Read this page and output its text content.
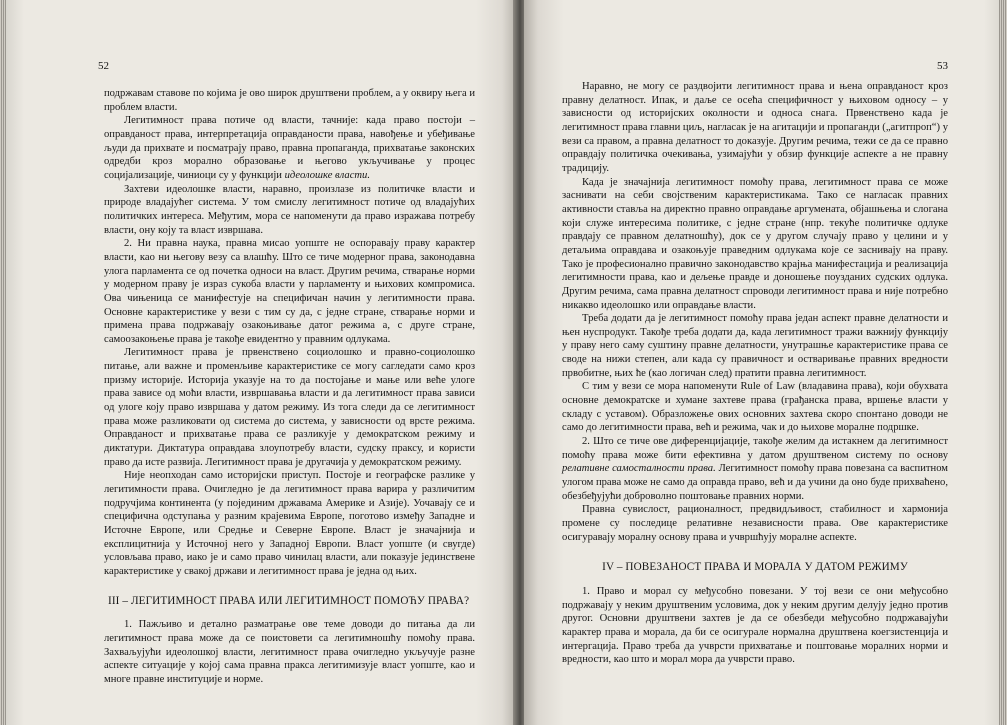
52

подржавам ставове по којима је ово широк друштвени проблем, а у оквиру њега и проблем власти.

Легитимност права потиче од власти, тачније: када право постоји – оправданост права, интерпретација оправданости права, навођење и убеђивање људи да прихвате и посматрају право, правна пропаганда, прихватање законских одредби кроз морално образовање и његово укључивање у процес социјализације, чиниоци су у функцији идеолошке власти.

Захтеви идеолошке власти, наравно, произлазе из политичке власти и природе владајућег система. У том смислу легитимност потиче од владајућих политичких интереса. Међутим, мора се напоменути да право изражава потребу власти, ону коју та власт извршава.

2. Ни правна наука, правна мисао уопште не оспоравају праву карактер власти, као ни његову везу са влашћу. Што се тиче модерног права, законодавна улога парламента се од почетка односи на власт. Другим речима, стварање норми у модерном праву је израз сукоба власти у парламенту и њихових компромиса. Ова чињеница се манифестује на специфичан начин у легитимности права. Основне карактеристике у вези с тим су да, с једне стране, стварање норми и примена права подржавају озакоњивање датог режима а, с друге стране, самоозакоњење права је такође евидентно у правним одлукама.

Легитимност права је првенствено социолошко и правно-социолошко питање, али важне и променљиве карактеристике се могу сагледати само кроз призму историје. Историја указује на то да постојање и мање или веће улоге права зависе од моћи власти, извршавања власти и да легитимност права зависи од улоге коју право извршава у датом режиму. Из тога следи да се легитимност права може разликовати од система до система, у зависности од врсте режима. Оправданост и прихватање права се разликује у демократском режиму и диктатури. Диктатура оправдава злоупотребу власти, судску праксу, и користи право да исте развија. Легитимност права је другачија у демократском режиму.

Није неопходан само историјски приступ. Постоје и географске разлике у легитимности права. Очигледно је да легитимност права варира у различитим подручјима континента (у појединим државама Америке и Азије). Уочавају се и специфична одступања у разним крајевима Европе, поготово између Западне и Источне Европе, или Средње и Северне Европе. Власт је значајнија и експлицитнија у Источној него у Западној Европи. Власт уопште (и свугде) условљава право, иако је и само право чинилац власти, али показује јединствене карактеристике у свакој држави и легитимност права је једна од њих.

III – ЛЕГИТИМНОСТ ПРАВА ИЛИ ЛЕГИТИМНОСТ ПОМОЋУ ПРАВА?

1. Пажљиво и детално разматрање ове теме доводи до питања да ли легитимност права може да се поистовети са легитимношћу помоћу права. Захваљујући идеолошкој власти, легитимност права очигледно укључује разне аспекте ситуације у којој сама правна пракса легитимизује власт уопште, као и многе правне институције и норме.

53

Наравно, не могу се раздвојити легитимност права и њена оправданост кроз правну делатност. Ипак, и даље се осећа специфичност у њиховом односу – у зависности од историјских околности и односа снага. Првенствено када је легитимност права главни циљ, нагласак је на агитацији и пропаганди („агитпроп“) у вези са правом, а правна делатност то доказује. Другим речима, тежи се да се правно оправдају политичка очекивања, узимајући у обзир функције аспекте а не правну традицију.

Када је значајнија легитимност помоћу права, легитимност права се може заснивати на себи својственим карактеристикама. Тако се нагласак правних активности ставља на директно правно оправдање аргумената, објашњења и слогана који служе интересима политике, с једне стране (нпр. текуће политичке одлуке правдају се правном делатношћу), док се у другом случају право у целини и у детаљима оправдава и озакоњује праведним одлукама које се заснивају на праву. Тако је професионално правично законодавство крајња манифестација и реализација легитимности права, као и дељење правде и доношење поузданих судских одлука. Другим речима, сама правна делатност спроводи легитимност права и није потребно никакво идеолошко или оправдање власти.

Треба додати да је легитимност помоћу права један аспект правне делатности и њен нуспродукт. Такође треба додати да, када легитимност тражи важнију функцију у праву него саму суштину правне делатности, унутрашње карактеристике права се своде на нижи степен, али када су правичност и остваривање правних вредности првобитне, њих ће (као логичан след) пратити правна легитимност.

С тим у вези се мора напоменути Rule of Law (владавина права), који обухвата основне демократске и хумане захтеве права (грађанска права, вршење власти у складу с уставом). Образложење ових основних захтева скоро спонтано доводи не само до легитимности права, већ и режима, чак и до њихове моралне подршке.

2. Што се тиче ове диференцијације, такође желим да истакнем да легитимност помоћу права може бити ефективна у датом друштвеном систему по основу релативне самосталности права. Легитимност помоћу права повезана са васпитном улогом права може не само да оправда право, већ и да учини да оно буде прихваћено, обезбеђујући доброволно поштовање правних норми.

Правна сувислост, рационалност, предвидљивост, стабилност и хармонија промене су последице релативне независности права. Ове карактеристике осигуравају моралну основу права и учвршћују моралне аспекте.

IV – ПОВЕЗАНОСТ ПРАВА И МОРАЛА У ДАТОМ РЕЖИМУ

1. Право и морал су међусобно повезани. У тој вези се они међусобно подржавају у неким друштвеним условима, док у неким другим делују једно против другог. Основни друштвени захтев је да се обезбеди међусобно подржавајући карактер права и морала, да би се осигурале нормална друштвена коегзистенција и интергација. Право треба да учврсти прихватање и поштовање моралних норми и вредности, као што и морал мора да учврсти право.
